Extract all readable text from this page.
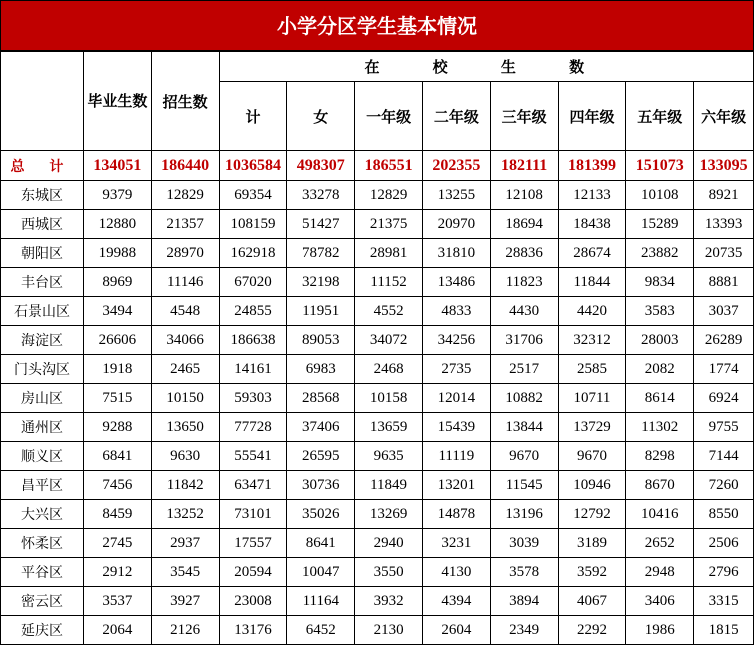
小学分区学生基本情况
	毕业生数	招生数	在 校 生 数							
			计	女	一年级	二年级	三年级	四年级	五年级	六年级
总 计	134051	186440	1036584	498307	186551	202355	182111	181399	151073	133095
东城区	9379	12829	69354	33278	12829	13255	12108	12133	10108	8921
西城区	12880	21357	108159	51427	21375	20970	18694	18438	15289	13393
朝阳区	19988	28970	162918	78782	28981	31810	28836	28674	23882	20735
丰台区	8969	11146	67020	32198	11152	13486	11823	11844	9834	8881
石景山区	3494	4548	24855	11951	4552	4833	4430	4420	3583	3037
海淀区	26606	34066	186638	89053	34072	34256	31706	32312	28003	26289
门头沟区	1918	2465	14161	6983	2468	2735	2517	2585	2082	1774
房山区	7515	10150	59303	28568	10158	12014	10882	10711	8614	6924
通州区	9288	13650	77728	37406	13659	15439	13844	13729	11302	9755
顺义区	6841	9630	55541	26595	9635	11119	9670	9670	8298	7144
昌平区	7456	11842	63471	30736	11849	13201	11545	10946	8670	7260
大兴区	8459	13252	73101	35026	13269	14878	13196	12792	10416	8550
怀柔区	2745	2937	17557	8641	2940	3231	3039	3189	2652	2506
平谷区	2912	3545	20594	10047	3550	4130	3578	3592	2948	2796
密云区	3537	3927	23008	11164	3932	4394	3894	4067	3406	3315
延庆区	2064	2126	13176	6452	2130	2604	2349	2292	1986	1815
